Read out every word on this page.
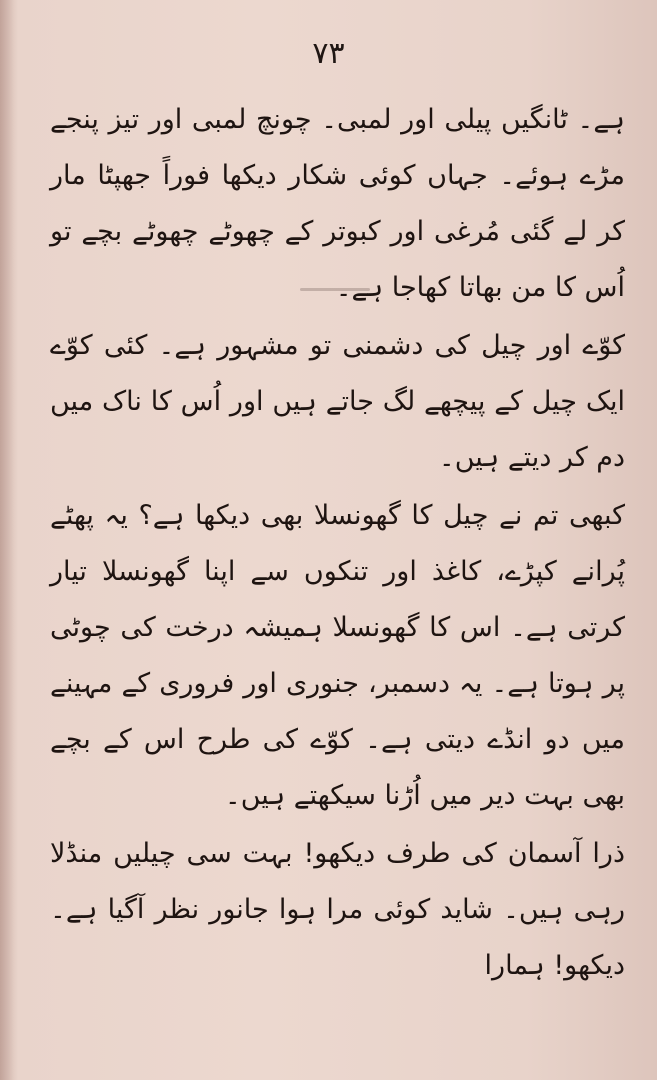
۷۳

ہے۔ ٹانگیں پیلی اور لمبی۔ چونچ لمبی اور تیز پنجے مڑے ہوئے۔ جہاں کوئی شکار دیکھا فوراً جھپٹا مار کر لے گئی مُرغی اور کبوتر کے چھوٹے چھوٹے بچے تو اُس کا من بھاتا کھاجا ہے۔

کوّے اور چیل کی دشمنی تو مشہور ہے۔ کئی کوّے ایک چیل کے پیچھے لگ جاتے ہیں اور اُس کا ناک میں دم کر دیتے ہیں۔

کبھی تم نے چیل کا گھونسلا بھی دیکھا ہے؟ یہ پھٹے پُرانے کپڑے، کاغذ اور تنکوں سے اپنا گھونسلا تیار کرتی ہے۔ اس کا گھونسلا ہمیشہ درخت کی چوٹی پر ہوتا ہے۔ یہ دسمبر، جنوری اور فروری کے مہینے میں دو انڈے دیتی ہے۔ کوّے کی طرح اس کے بچے بھی بہت دیر میں اُڑنا سیکھتے ہیں۔

ذرا آسمان کی طرف دیکھو! بہت سی چیلیں منڈلا رہی ہیں۔ شاید کوئی مرا ہوا جانور نظر آگیا ہے۔ دیکھو! ہمارا
